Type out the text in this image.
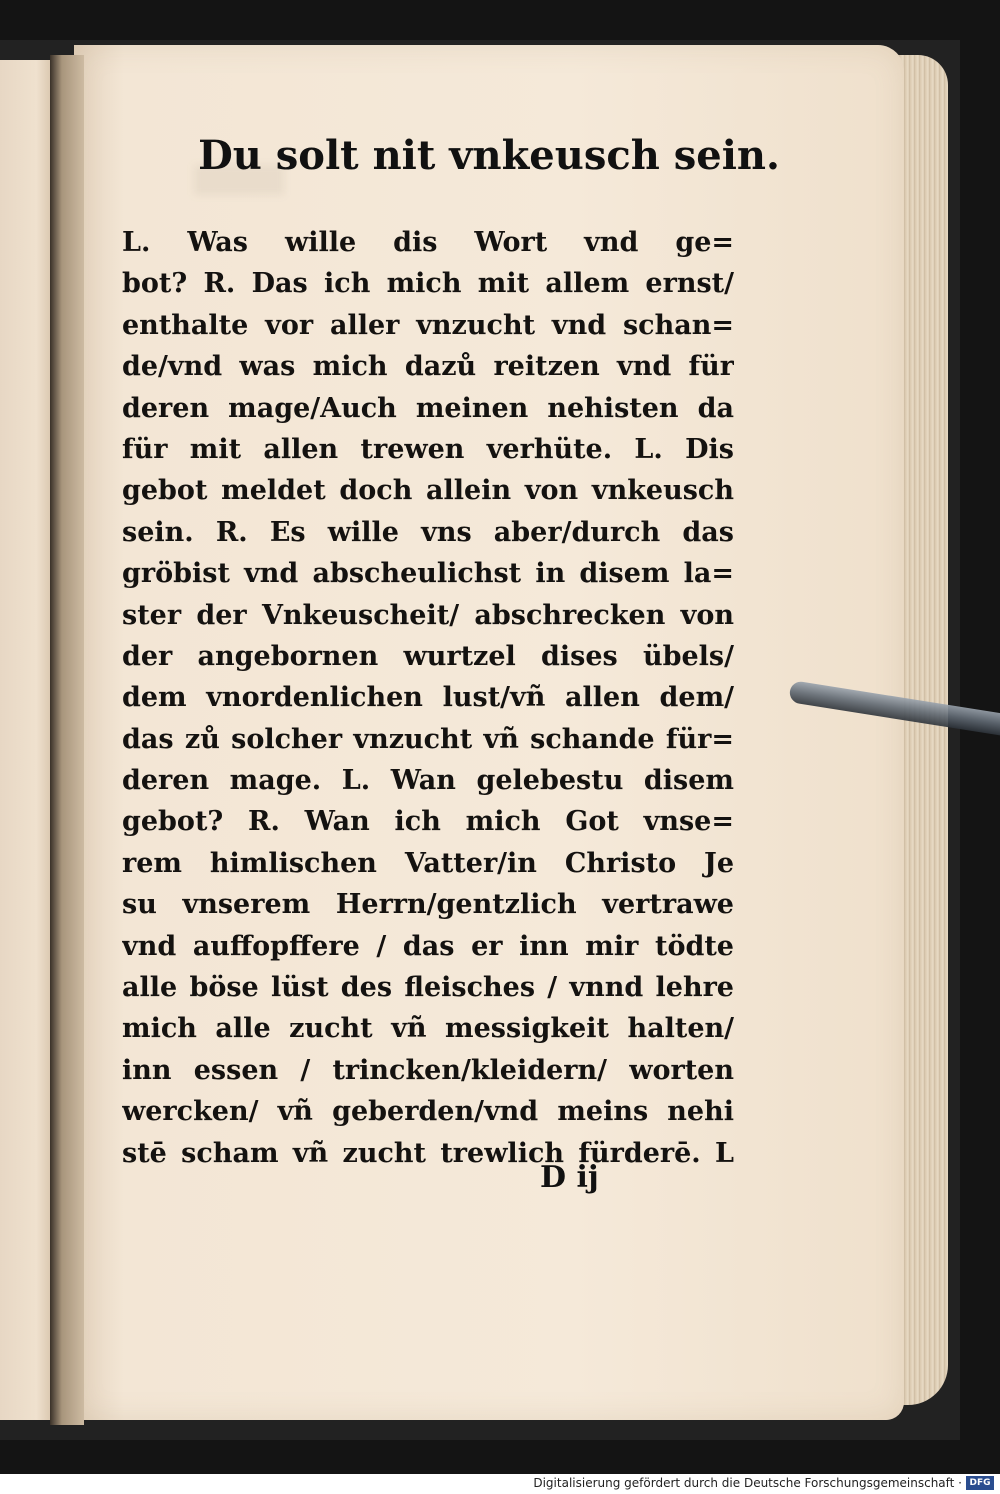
Du solt nit vnkeusch sein.
L. Was wille dis Wort vnd ge=
bot? R. Das ich mich mit allem ernst/
enthalte vor aller vnzucht vnd schan=
de/vnd was mich dazů reitzen vnd für
deren mage/Auch meinen nehisten da
für mit allen trewen verhüte. L. Dis
gebot meldet doch allein von vnkeusch
sein. R. Es wille vns aber/durch das
gröbist vnd abscheulichst in disem la=
ster der Vnkeuscheit/ abschrecken von
der angebornen wurtzel dises übels/
dem vnordenlichen lust/vñ allen dem/
das zů solcher vnzucht vñ schande für=
deren mage. L. Wan gelebestu disem
gebot? R. Wan ich mich Got vnse=
rem himlischen Vatter/in Christo Je
su vnserem Herrn/gentzlich vertrawe
vnd auffopffere / das er inn mir tödte
alle böse lüst des fleisches / vnnd lehre
mich alle zucht vñ messigkeit halten/
inn essen / trincken/kleidern/ worten
wercken/ vñ geberden/vnd meins nehi
stē scham vñ zucht trewlich fürderē. L
D ij
Digitalisierung gefördert durch die Deutsche Forschungsgemeinschaft · DFG
